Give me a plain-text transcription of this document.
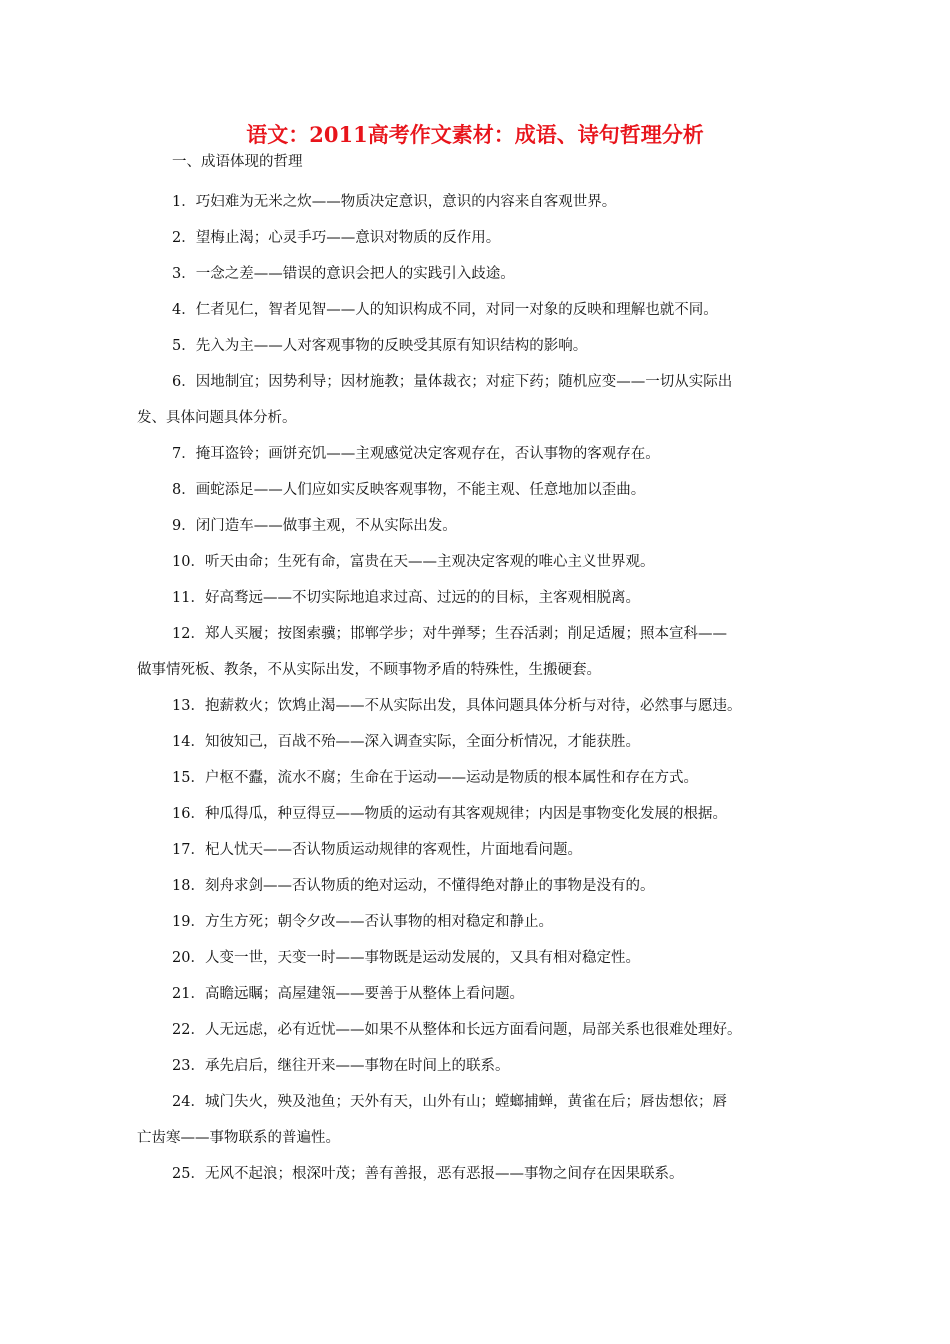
语文：2011高考作文素材：成语、诗句哲理分析
一、成语体现的哲理
1．巧妇难为无米之炊——物质决定意识，意识的内容来自客观世界。
2．望梅止渴；心灵手巧——意识对物质的反作用。
3．一念之差——错误的意识会把人的实践引入歧途。
4．仁者见仁，智者见智——人的知识构成不同，对同一对象的反映和理解也就不同。
5．先入为主——人对客观事物的反映受其原有知识结构的影响。
6．因地制宜；因势利导；因材施教；量体裁衣；对症下药；随机应变——一切从实际出
发、具体问题具体分析。
7．掩耳盗铃；画饼充饥——主观感觉决定客观存在，否认事物的客观存在。
8．画蛇添足——人们应如实反映客观事物，不能主观、任意地加以歪曲。
9．闭门造车——做事主观，不从实际出发。
10．听天由命；生死有命，富贵在天——主观决定客观的唯心主义世界观。
11．好高骛远——不切实际地追求过高、过远的的目标，主客观相脱离。
12．郑人买履；按图索骥；邯郸学步；对牛弹琴；生吞活剥；削足适履；照本宣科——
做事情死板、教条，不从实际出发，不顾事物矛盾的特殊性，生搬硬套。
13．抱薪救火；饮鸩止渴——不从实际出发，具体问题具体分析与对待，必然事与愿违。
14．知彼知己，百战不殆——深入调查实际，全面分析情况，才能获胜。
15．户枢不蠹，流水不腐；生命在于运动——运动是物质的根本属性和存在方式。
16．种瓜得瓜，种豆得豆——物质的运动有其客观规律；内因是事物变化发展的根据。
17．杞人忧天——否认物质运动规律的客观性，片面地看问题。
18．刻舟求剑——否认物质的绝对运动，不懂得绝对静止的事物是没有的。
19．方生方死；朝令夕改——否认事物的相对稳定和静止。
20．人变一世，天变一时——事物既是运动发展的，又具有相对稳定性。
21．高瞻远瞩；高屋建瓴——要善于从整体上看问题。
22．人无远虑，必有近忧——如果不从整体和长远方面看问题，局部关系也很难处理好。
23．承先启后，继往开来——事物在时间上的联系。
24．城门失火，殃及池鱼；天外有天，山外有山；螳螂捕蝉，黄雀在后；唇齿想依；唇
亡齿寒——事物联系的普遍性。
25．无风不起浪；根深叶茂；善有善报，恶有恶报——事物之间存在因果联系。
